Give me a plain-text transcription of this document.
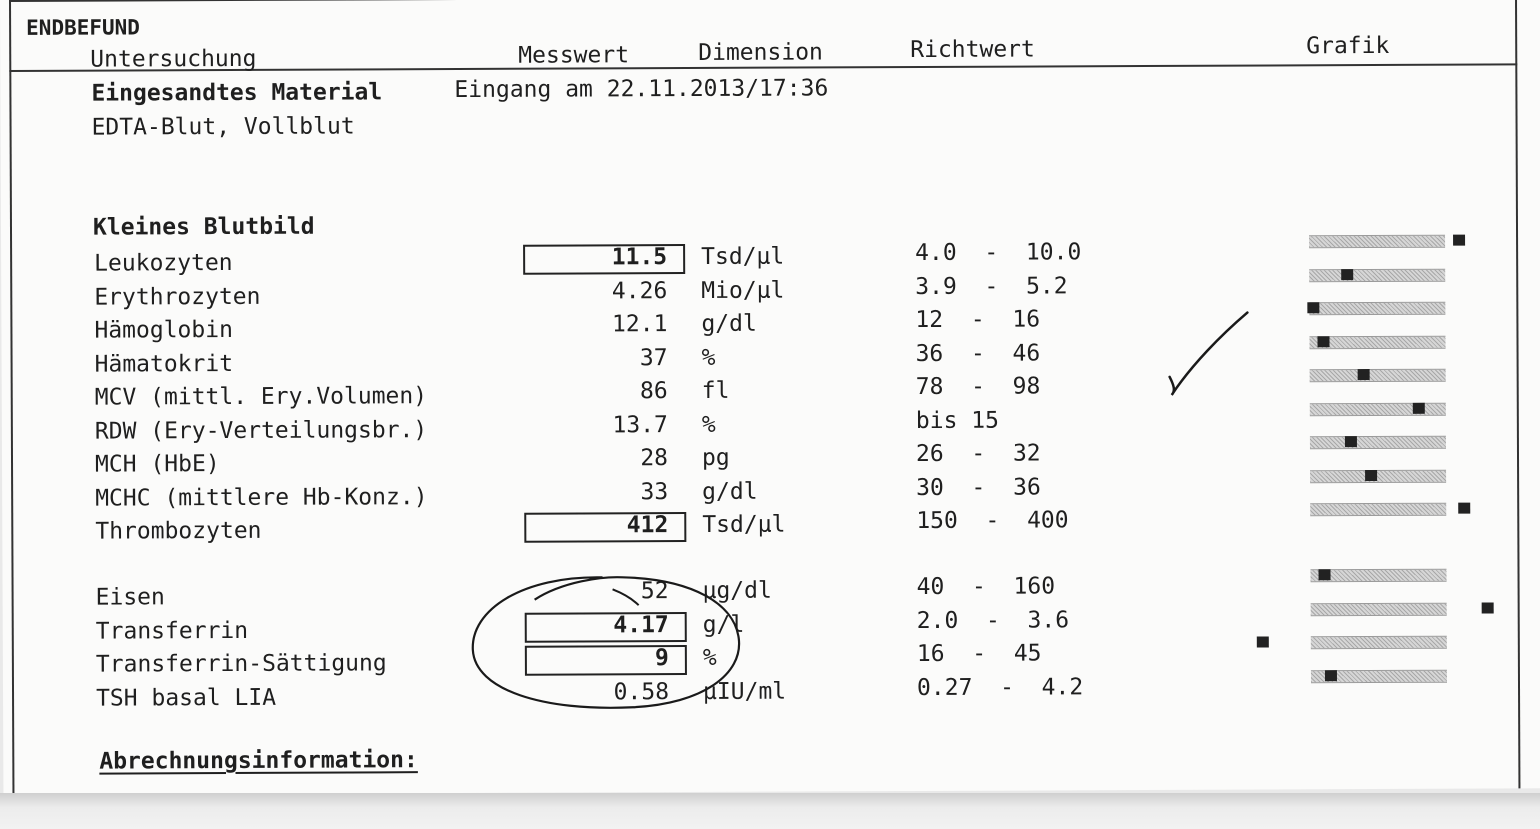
ENDBEFUND
Untersuchung	Messwert	Dimension	Richtwert	Grafik
Eingesandtes Material	Eingang am 22.11.2013/17:36
EDTA-Blut, Vollblut
Kleines Blutbild
Leukozyten	11.5 Tsd/µl	4.0  -  10.0
Erythrozyten	4.26 Mio/µl	3.9  -  5.2
Hämoglobin	12.1 g/dl	12  -  16
Hämatokrit	37 %	36  -  46
MCV (mittl. Ery.Volumen)	86 fl	78  -  98
RDW (Ery-Verteilungsbr.)	13.7 %	bis 15
MCH (HbE)	28 pg	26  -  32
MCHC (mittlere Hb-Konz.)	33 g/dl	30  -  36
Thrombozyten	412 Tsd/µl	150  -  400
Eisen	52 µg/dl	40  -  160
Transferrin	4.17 g/l	2.0  -  3.6
Transferrin-Sättigung	9 %	16  -  45
TSH basal LIA	0.58 µIU/ml	0.27  -  4.2
Abrechnungsinformation:
